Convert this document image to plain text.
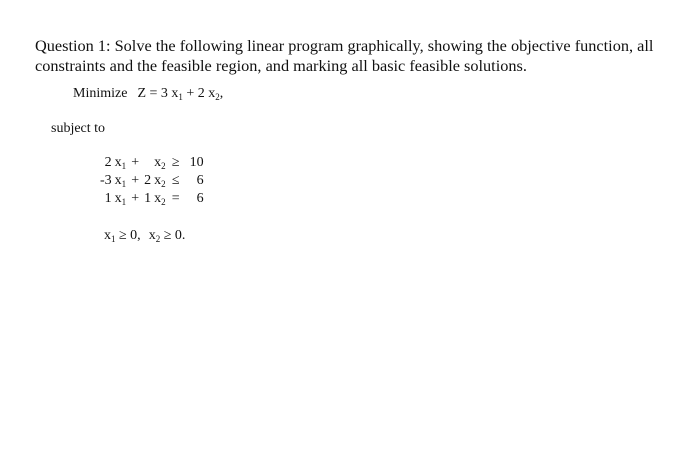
Question 1: Solve the following linear program graphically, showing the objective function, all

constraints and the feasible region, and marking all basic feasible solutions.

Minimize Z = 3 $x_1 + 2$ $x_2$,
subject to
2	$x_1$	+		$x_2$	≥	10
-3	$x_1$	+	2	$x_2$	≤	6
1	$x_1$	+	1	$x_2$	=	6
$x_1 \ge 0$, $x_2 \ge 0$.
